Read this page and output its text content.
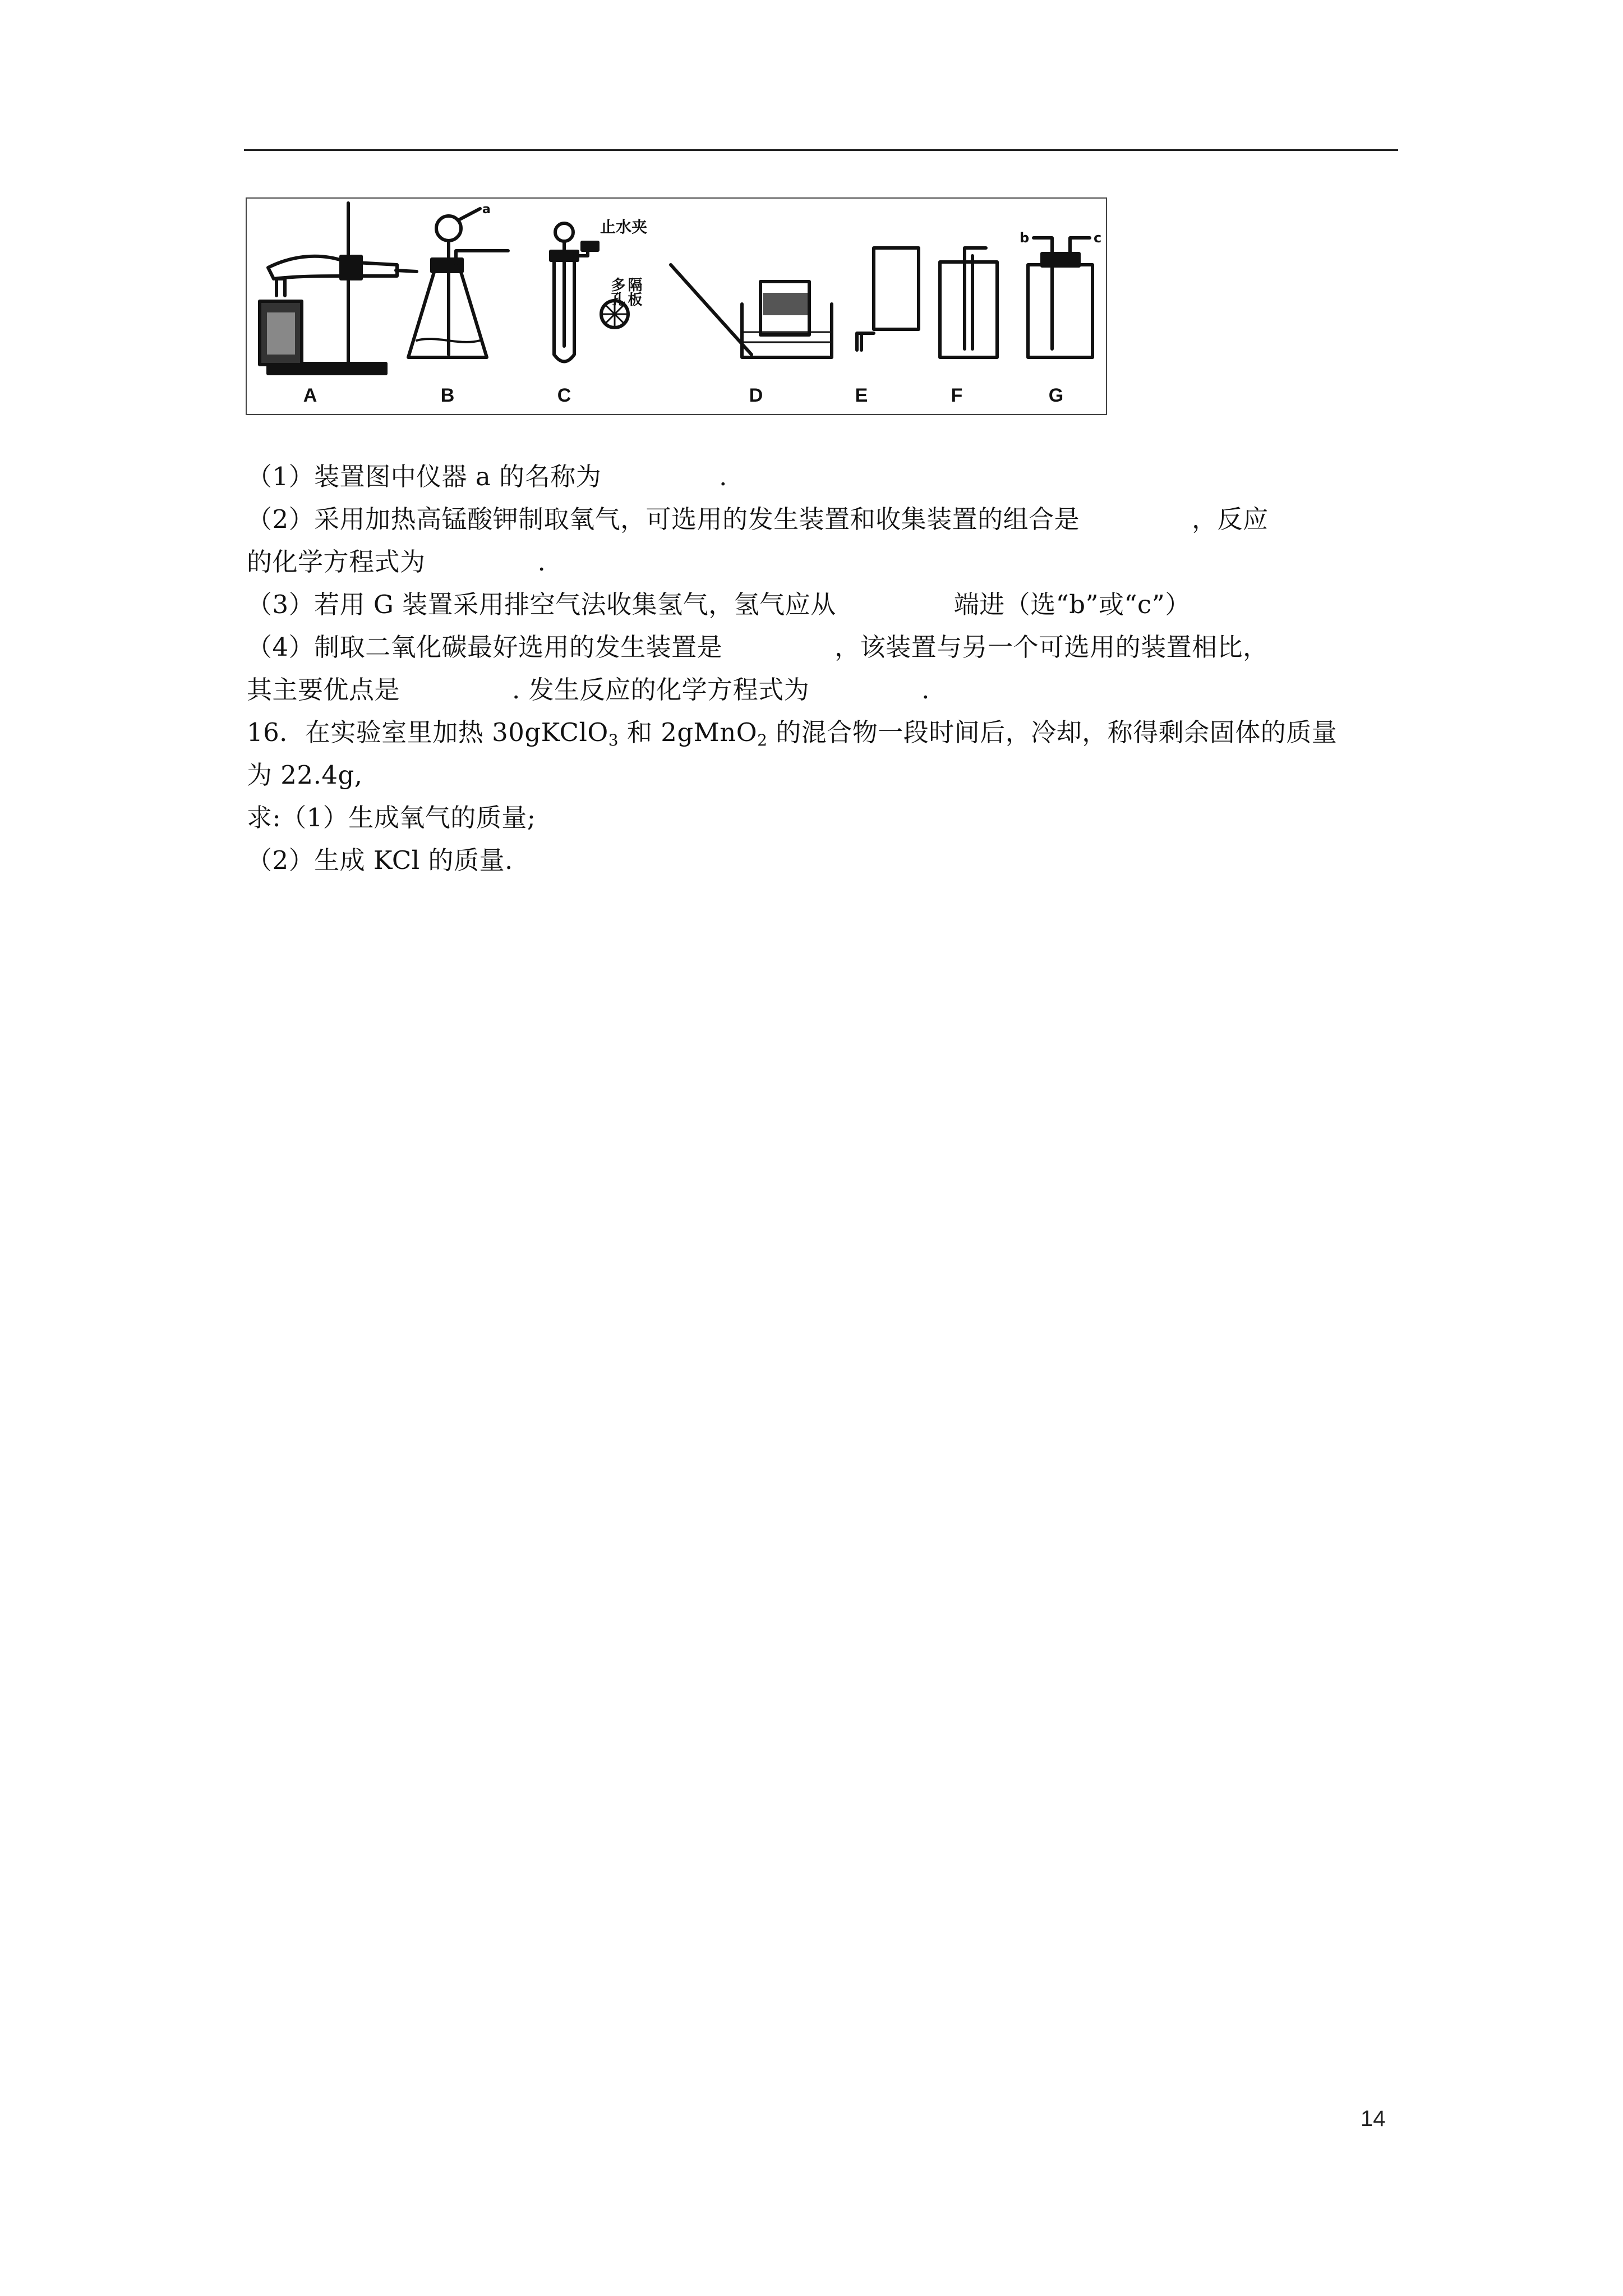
A	B	C	D	E	F	G
a
止水夹
多孔 隔板
b	c
（1）装置图中仪器 a 的名称为	.
（2）采用加热高锰酸钾制取氧气，可选用的发生装置和收集装置的组合是	，反应
的化学方程式为	.
（3）若用 G 装置采用排空气法收集氢气，氢气应从	端进（选“b”或“c”）
（4）制取二氧化碳最好选用的发生装置是	，该装置与另一个可选用的装置相比，
其主要优点是	. 发生反应的化学方程式为	.
16．在实验室里加热 30gKClO$_3$ 和 2gMnO$_2$ 的混合物一段时间后，冷却，称得剩余固体的质量
为 22.4g,
求:（1）生成氧气的质量;
（2）生成 KCl 的质量.
14
